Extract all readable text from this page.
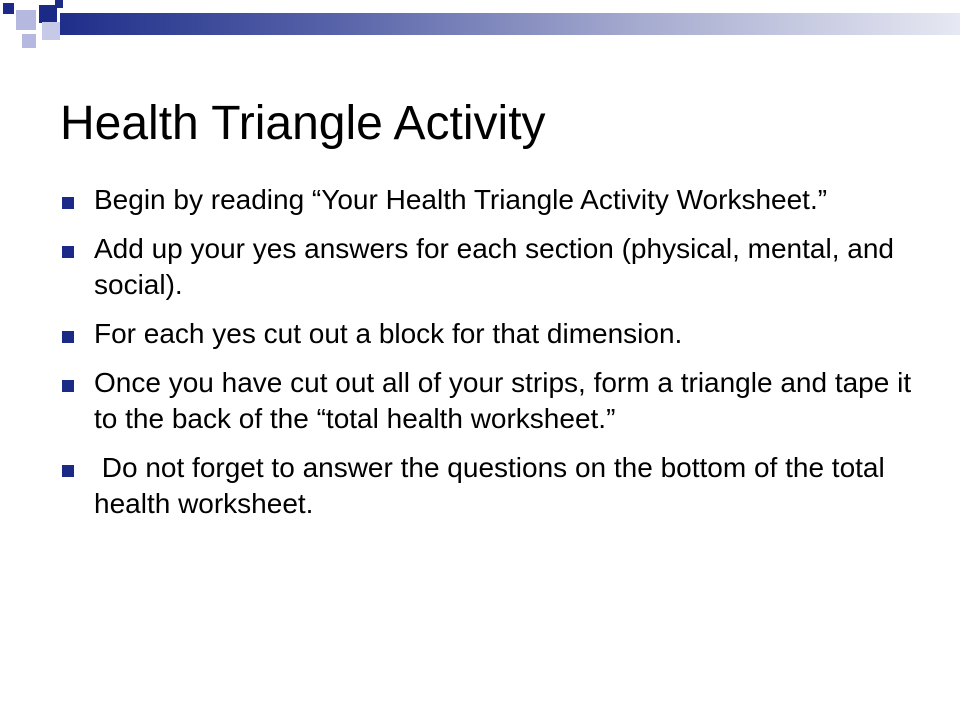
Health Triangle Activity
Begin by reading “Your Health Triangle Activity Worksheet.”
Add up your yes answers for each section (physical, mental, and social).
For each yes cut out a block for that dimension.
Once you have cut out all of your strips, form a triangle and tape it to the back of the “total health worksheet.”
Do not forget to answer the questions on the bottom of the total health worksheet.
